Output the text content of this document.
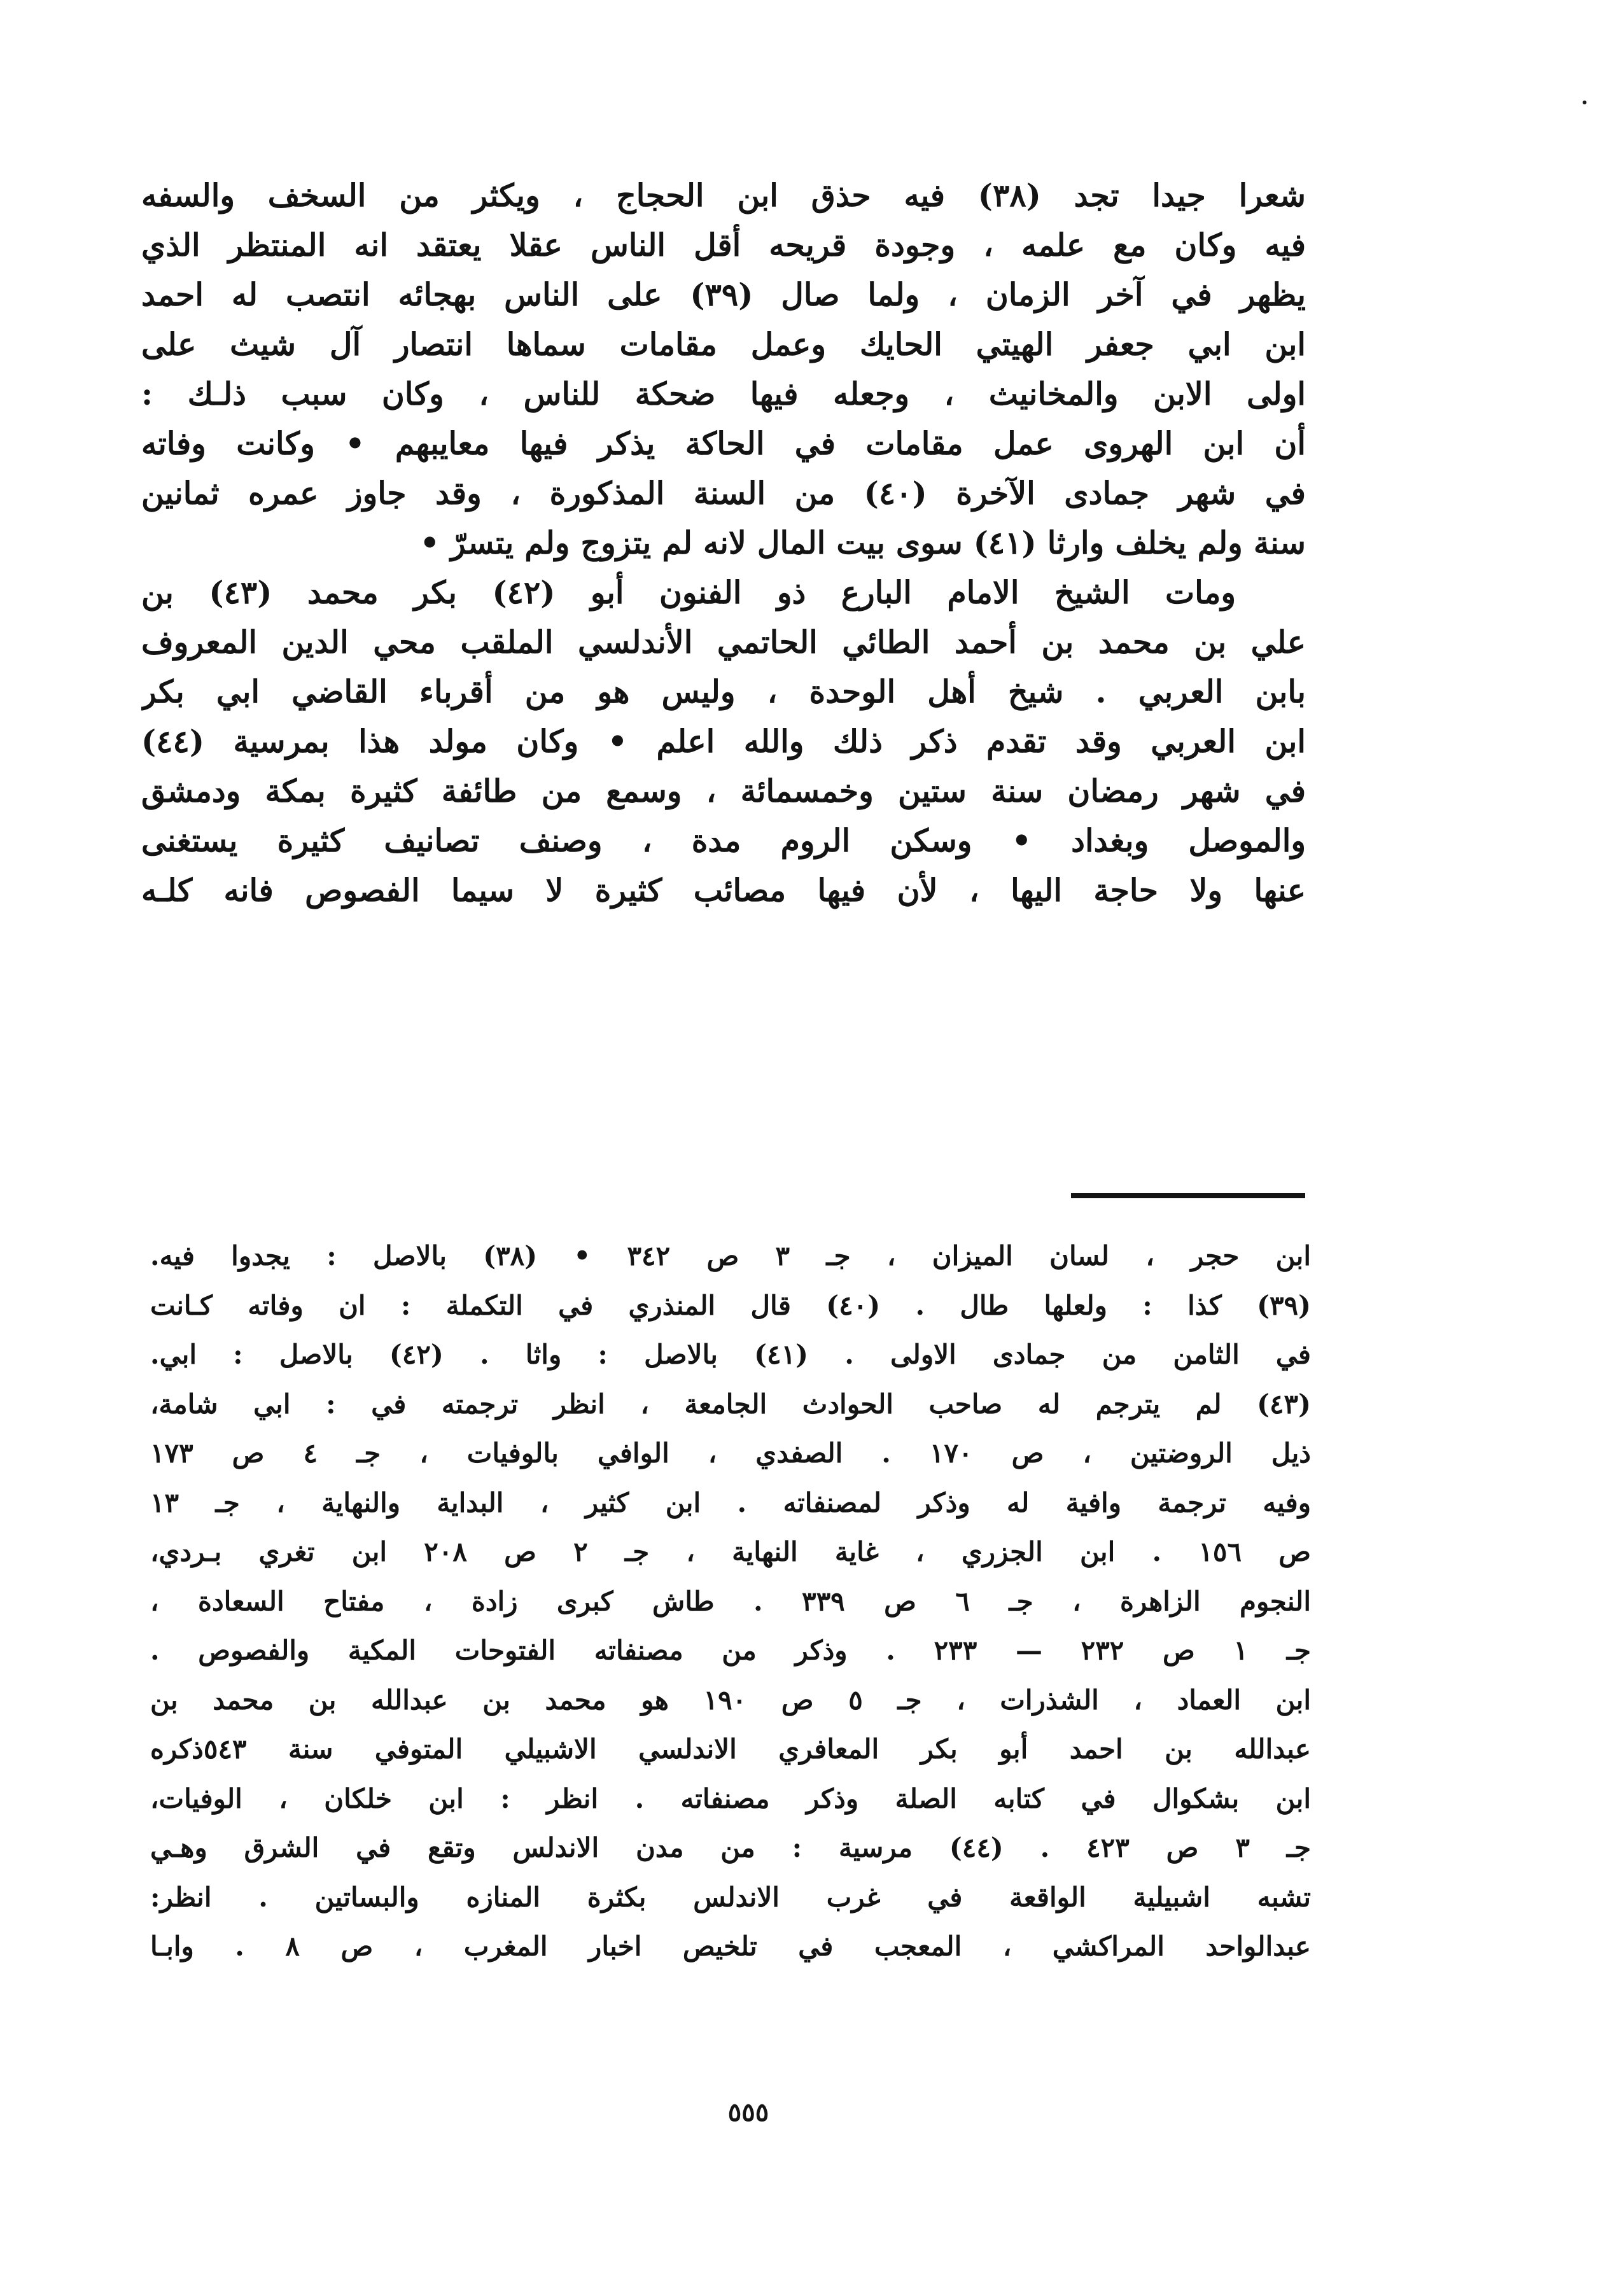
شعرا جيدا تجد (٣٨) فيه حذق ابن الحجاج ، ويكثر من السخف والسفه
فيه وكان مع علمه ، وجودة قريحه أقل الناس عقلا يعتقد انه المنتظر الذي
يظهر في آخر الزمان ، ولما صال (٣٩) على الناس بهجائه انتصب له احمد
ابن ابي جعفر الهيتي الحايك وعمل مقامات سماها انتصار آل شيث على
اولى الابن والمخانيث ، وجعله فيها ضحكة للناس ، وكان سبب ذلـك :
أن ابن الهروى عمل مقامات في الحاكة يذكر فيها معايبهم • وكانت وفاته
في شهر جمادى الآخرة (٤٠) من السنة المذكورة ، وقد جاوز عمره ثمانين
سنة ولم يخلف وارثا (٤١) سوى بيت المال لانه لم يتزوج ولم يتسرّ •
ومات الشيخ الامام البارع ذو الفنون أبو (٤٢) بكر محمد (٤٣) بن
علي بن محمد بن أحمد الطائي الحاتمي الأندلسي الملقب محي الدين المعروف
بابن العربي . شيخ أهل الوحدة ، وليس هو من أقرباء القاضي ابي بكر
ابن العربي وقد تقدم ذكر ذلك والله اعلم • وكان مولد هذا بمرسية (٤٤)
في شهر رمضان سنة ستين وخمسمائة ، وسمع من طائفة كثيرة بمكة ودمشق
والموصل وبغداد • وسكن الروم مدة ، وصنف تصانيف كثيرة يستغنى
عنها ولا حاجة اليها ، لأن فيها مصائب كثيرة لا سيما الفصوص فانه كلـه
ابن حجر ، لسان الميزان ، جـ ٣ ص ٣٤٢ • (٣٨) بالاصل : يجدوا فيه.
(٣٩) كذا : ولعلها طال . (٤٠) قال المنذري في التكملة : ان وفاته كـانت
في الثامن من جمادى الاولى . (٤١) بالاصل : واثا . (٤٢) بالاصل : ابي.
(٤٣) لم يترجم له صاحب الحوادث الجامعة ، انظر ترجمته في : ابي شامة،
ذيل الروضتين ، ص ١٧٠ . الصفدي ، الوافي بالوفيات ، جـ ٤ ص ١٧٣
وفيه ترجمة وافية له وذكر لمصنفاته . ابن كثير ، البداية والنهاية ، جـ ١٣
ص ١٥٦ . ابن الجزري ، غاية النهاية ، جـ ٢ ص ٢٠٨ ابن تغري بـردي،
النجوم الزاهرة ، جـ ٦ ص ٣٣٩ . طاش كبرى زادة ، مفتاح السعادة ،
جـ ١ ص ٢٣٢ — ٢٣٣ . وذكر من مصنفاته الفتوحات المكية والفصوص .
ابن العماد ، الشذرات ، جـ ٥ ص ١٩٠ هو محمد بن عبدالله بن محمد بن
عبدالله بن احمد أبو بكر المعافري الاندلسي الاشبيلي المتوفي سنة ٥٤٣ذكره
ابن بشكوال في كتابه الصلة وذكر مصنفاته . انظر : ابن خلكان ، الوفيات،
جـ ٣ ص ٤٢٣ . (٤٤) مرسية : من مدن الاندلس وتقع في الشرق وهـي
تشبه اشبيلية الواقعة في غرب الاندلس بكثرة المنازه والبساتين . انظر:
عبدالواحد المراكشي ، المعجب في تلخيص اخبار المغرب ، ص ٨ . وابـا
٥٥٥
